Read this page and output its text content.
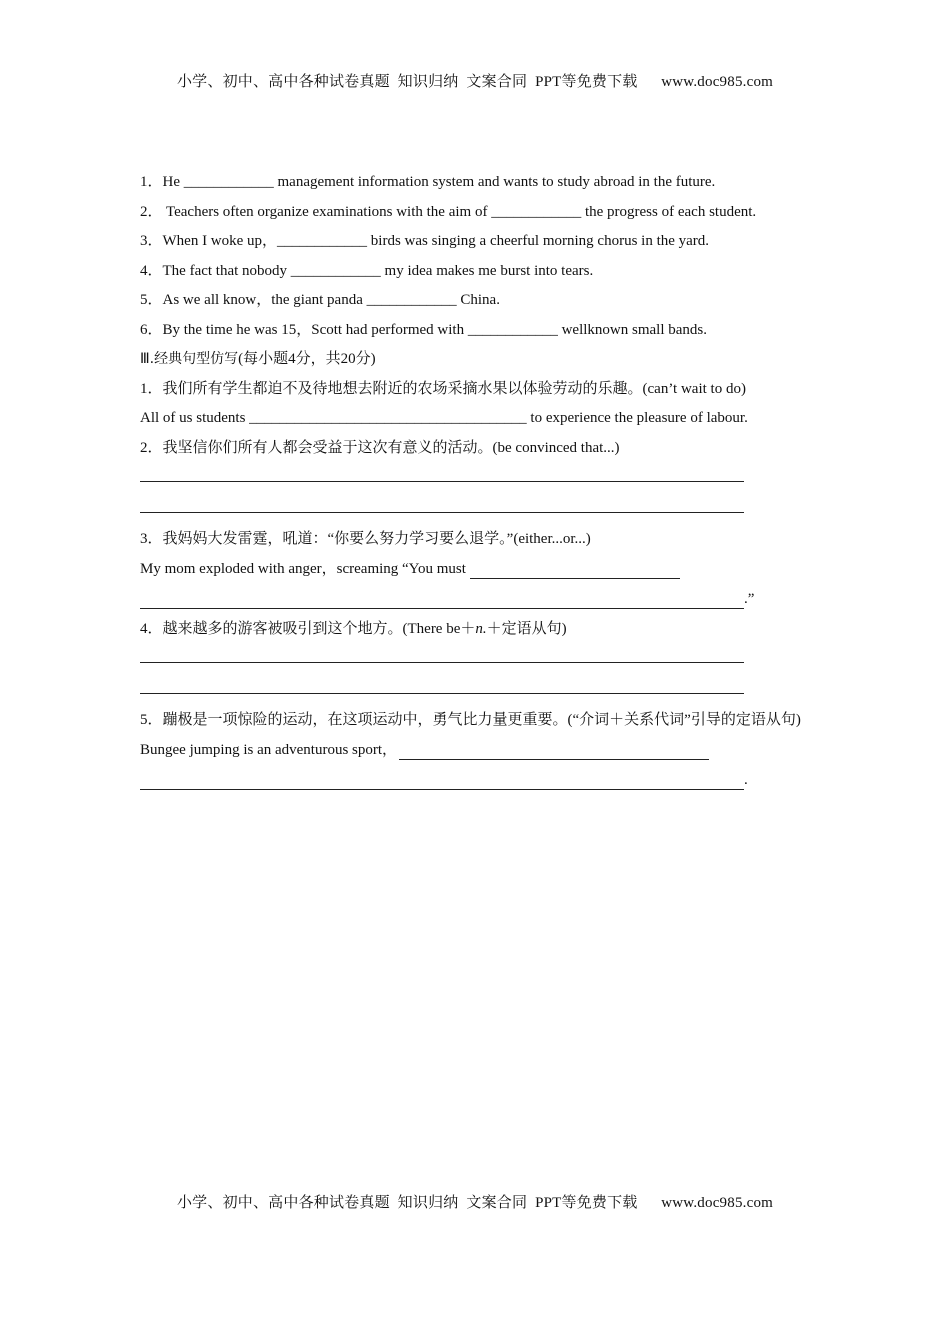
小学、初中、高中各种试卷真题  知识归纳  文案合同  PPT等免费下载      www.doc985.com

1．He ____________ management information system and wants to study abroad in the future.

2． Teachers often organize examinations with the aim of ____________ the progress of each student.

3．When I woke up，____________ birds was singing a cheerful morning chorus in the yard.

4．The fact that nobody ____________ my idea makes me burst into tears.

5．As we all know，the giant panda ____________ China.

6．By the time he was 15，Scott had performed with ____________ wellknown small bands.

Ⅲ.经典句型仿写(每小题4分，共20分)

1．我们所有学生都迫不及待地想去附近的农场采摘水果以体验劳动的乐趣。(can’t wait to do)

All of us students _____________________________________ to experience the pleasure of labour.

2．我坚信你们所有人都会受益于这次有意义的活动。(be convinced that...)

3．我妈妈大发雷霆，吼道：“你要么努力学习要么退学。”(either...or...)

My mom exploded with anger，screaming “You must
.”

4．越来越多的游客被吸引到这个地方。(There be＋n.＋定语从句)

5．蹦极是一项惊险的运动，在这项运动中，勇气比力量更重要。(“介词＋关系代词”引导的定语从句)

Bungee jumping is an adventurous sport，
.
小学、初中、高中各种试卷真题  知识归纳  文案合同  PPT等免费下载      www.doc985.com
